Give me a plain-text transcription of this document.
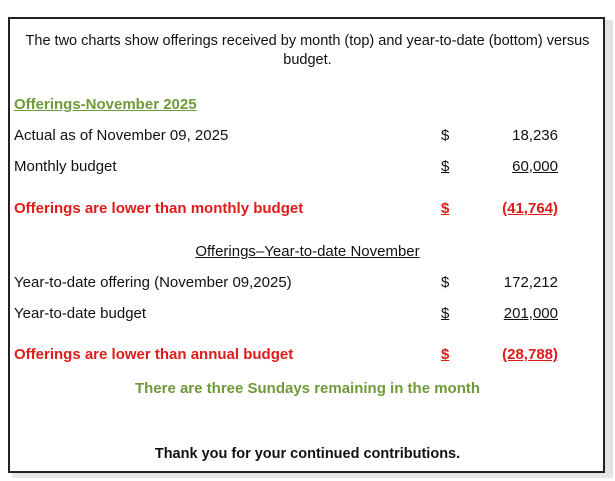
The two charts show offerings received by month (top) and year-to-date (bottom) versus budget.
Offerings-November 2025
Actual as of November 09, 2025	$	18,236
Monthly budget	$	60,000
Offerings are lower than monthly budget	$	(41,764)
Offerings–Year-to-date November
Year-to-date offering (November 09,2025)	$	172,212
Year-to-date budget	$	201,000
Offerings are lower than annual budget	$	(28,788)
There are three Sundays remaining in the month
Thank you for your continued contributions.
